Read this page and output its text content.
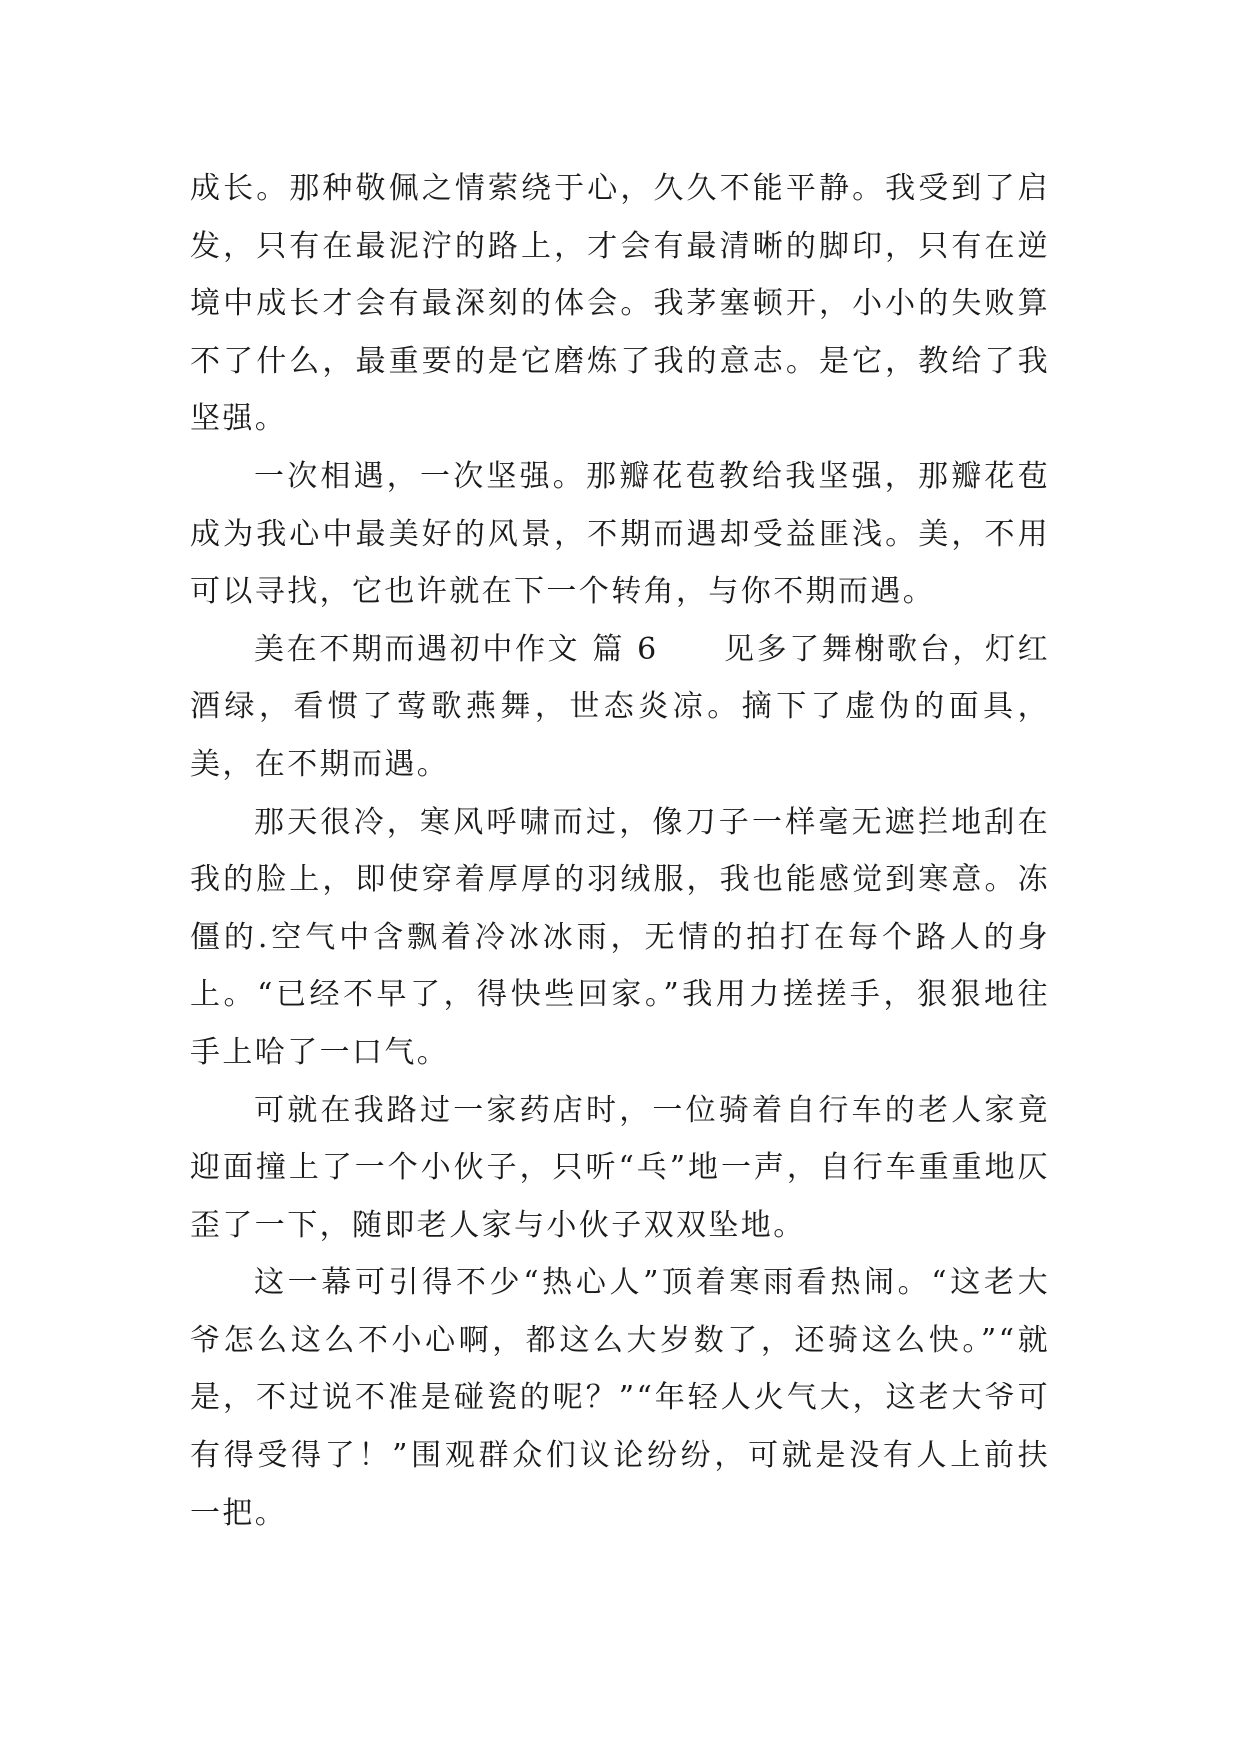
成长。那种敬佩之情萦绕于心，久久不能平静。我受到了启发，只有在最泥泞的路上，才会有最清晰的脚印，只有在逆境中成长才会有最深刻的体会。我茅塞顿开，小小的失败算不了什么，最重要的是它磨炼了我的意志。是它，教给了我坚强。

一次相遇，一次坚强。那瓣花苞教给我坚强，那瓣花苞成为我心中最美好的风景，不期而遇却受益匪浅。美，不用可以寻找，它也许就在下一个转角，与你不期而遇。

美在不期而遇初中作文 篇 6　　见多了舞榭歌台，灯红酒绿，看惯了莺歌燕舞，世态炎凉。摘下了虚伪的面具，美，在不期而遇。

那天很冷，寒风呼啸而过，像刀子一样毫无遮拦地刮在我的脸上，即使穿着厚厚的羽绒服，我也能感觉到寒意。冻僵的.空气中含飘着冷冰冰雨，无情的拍打在每个路人的身上。“已经不早了，得快些回家。”我用力搓搓手，狠狠地往手上哈了一口气。

可就在我路过一家药店时，一位骑着自行车的老人家竟迎面撞上了一个小伙子，只听“乓”地一声，自行车重重地仄歪了一下，随即老人家与小伙子双双坠地。

这一幕可引得不少“热心人”顶着寒雨看热闹。“这老大爷怎么这么不小心啊，都这么大岁数了，还骑这么快。”“就是，不过说不准是碰瓷的呢？”“年轻人火气大，这老大爷可有得受得了！”围观群众们议论纷纷，可就是没有人上前扶一把。
